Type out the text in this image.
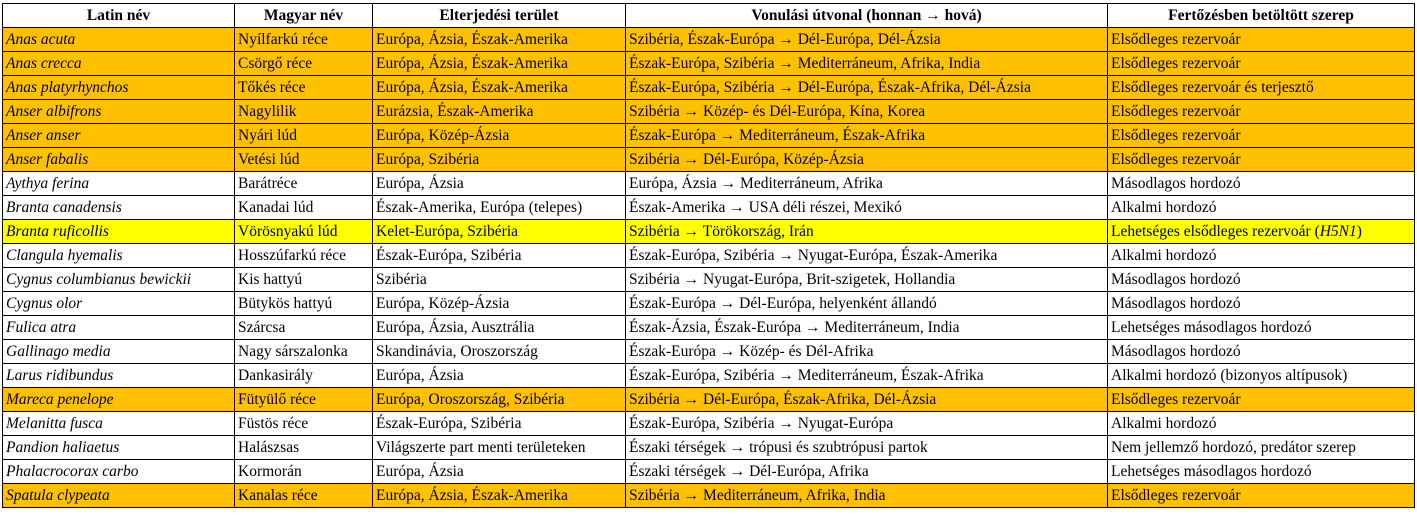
Latin név	Magyar név	Elterjedési terület	Vonulási útvonal (honnan → hová)	Fertőzésben betöltött szerep
Anas acuta	Nyílfarkú réce	Európa, Ázsia, Észak-Amerika	Szibéria, Észak-Európa → Dél-Európa, Dél-Ázsia	Elsődleges rezervoár
Anas crecca	Csörgő réce	Európa, Ázsia, Észak-Amerika	Észak-Európa, Szibéria → Mediterráneum, Afrika, India	Elsődleges rezervoár
Anas platyrhynchos	Tőkés réce	Európa, Ázsia, Észak-Amerika	Észak-Európa, Szibéria → Dél-Európa, Észak-Afrika, Dél-Ázsia	Elsődleges rezervoár és terjesztő
Anser albifrons	Nagylilik	Eurázsia, Észak-Amerika	Szibéria → Közép- és Dél-Európa, Kína, Korea	Elsődleges rezervoár
Anser anser	Nyári lúd	Európa, Közép-Ázsia	Észak-Európa → Mediterráneum, Észak-Afrika	Elsődleges rezervoár
Anser fabalis	Vetési lúd	Európa, Szibéria	Szibéria → Dél-Európa, Közép-Ázsia	Elsődleges rezervoár
Aythya ferina	Barátréce	Európa, Ázsia	Európa, Ázsia → Mediterráneum, Afrika	Másodlagos hordozó
Branta canadensis	Kanadai lúd	Észak-Amerika, Európa (telepes)	Észak-Amerika → USA déli részei, Mexikó	Alkalmi hordozó
Branta ruficollis	Vörösnyakú lúd	Kelet-Európa, Szibéria	Szibéria → Törökország, Irán	Lehetséges elsődleges rezervoár (H5N1)
Clangula hyemalis	Hosszúfarkú réce	Észak-Európa, Szibéria	Észak-Európa, Szibéria → Nyugat-Európa, Észak-Amerika	Alkalmi hordozó
Cygnus columbianus bewickii	Kis hattyú	Szibéria	Szibéria → Nyugat-Európa, Brit-szigetek, Hollandia	Másodlagos hordozó
Cygnus olor	Bütykös hattyú	Európa, Közép-Ázsia	Észak-Európa → Dél-Európa, helyenként állandó	Másodlagos hordozó
Fulica atra	Szárcsa	Európa, Ázsia, Ausztrália	Észak-Ázsia, Észak-Európa → Mediterráneum, India	Lehetséges másodlagos hordozó
Gallinago media	Nagy sárszalonka	Skandinávia, Oroszország	Észak-Európa → Közép- és Dél-Afrika	Másodlagos hordozó
Larus ridibundus	Dankasirály	Európa, Ázsia	Észak-Európa, Szibéria → Mediterráneum, Észak-Afrika	Alkalmi hordozó (bizonyos altípusok)
Mareca penelope	Fütyülő réce	Európa, Oroszország, Szibéria	Szibéria → Dél-Európa, Észak-Afrika, Dél-Ázsia	Elsődleges rezervoár
Melanitta fusca	Füstös réce	Észak-Európa, Szibéria	Észak-Európa, Szibéria → Nyugat-Európa	Alkalmi hordozó
Pandion haliaetus	Halászsas	Világszerte part menti területeken	Északi térségek → trópusi és szubtrópusi partok	Nem jellemző hordozó, predátor szerep
Phalacrocorax carbo	Kormorán	Európa, Ázsia	Északi térségek → Dél-Európa, Afrika	Lehetséges másodlagos hordozó
Spatula clypeata	Kanalas réce	Európa, Ázsia, Észak-Amerika	Szibéria → Mediterráneum, Afrika, India	Elsődleges rezervoár
